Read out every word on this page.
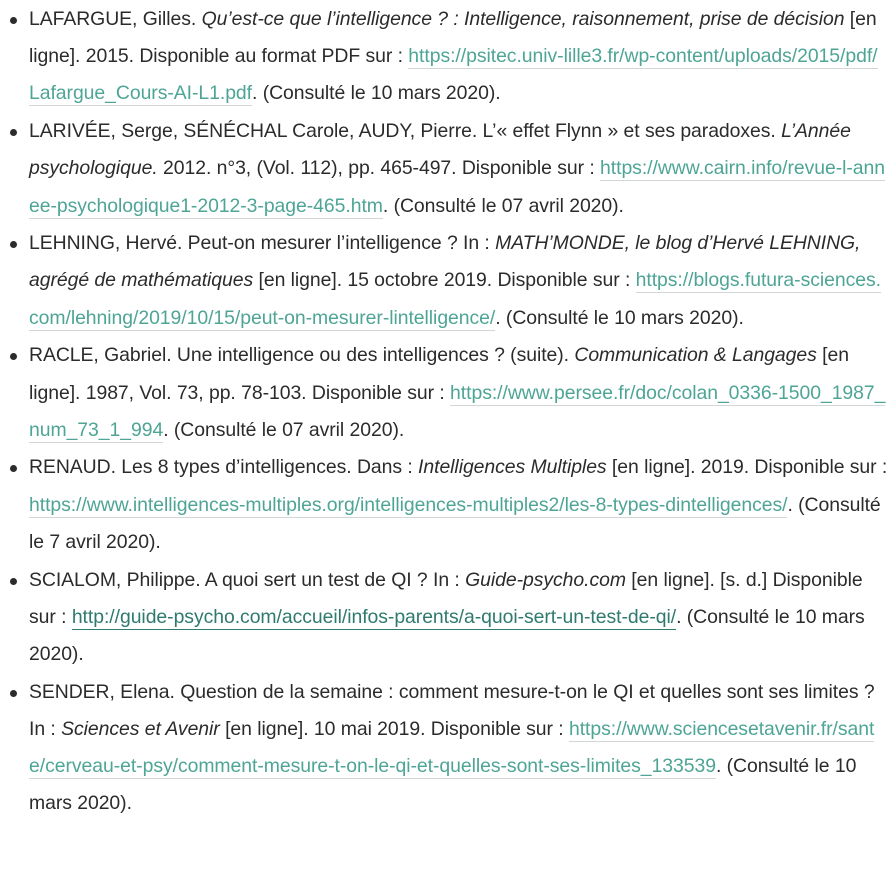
LAFARGUE, Gilles. Qu’est-ce que l’intelligence ? : Intelligence, raisonnement, prise de décision [en ligne]. 2015. Disponible au format PDF sur : https://psitec.univ-lille3.fr/wp-content/uploads/2015/pdf/Lafargue_Cours-AI-L1.pdf. (Consulté le 10 mars 2020).
LARIVÉE, Serge, SÉNÉCHAL Carole, AUDY, Pierre. L’« effet Flynn » et ses paradoxes. L’Année psychologique. 2012. n°3, (Vol. 112), pp. 465-497. Disponible sur : https://www.cairn.info/revue-l-annee-psychologique1-2012-3-page-465.htm. (Consulté le 07 avril 2020).
LEHNING, Hervé. Peut-on mesurer l’intelligence ? In : MATH’MONDE, le blog d’Hervé LEHNING, agrégé de mathématiques [en ligne]. 15 octobre 2019. Disponible sur : https://blogs.futura-sciences.com/lehning/2019/10/15/peut-on-mesurer-lintelligence/. (Consulté le 10 mars 2020).
RACLE, Gabriel. Une intelligence ou des intelligences ? (suite). Communication & Langages [en ligne]. 1987, Vol. 73, pp. 78-103. Disponible sur : https://www.persee.fr/doc/colan_0336-1500_1987_num_73_1_994. (Consulté le 07 avril 2020).
RENAUD. Les 8 types d’intelligences. Dans : Intelligences Multiples [en ligne]. 2019. Disponible sur : https://www.intelligences-multiples.org/intelligences-multiples2/les-8-types-dintelligences/. (Consulté le 7 avril 2020).
SCIALOM, Philippe. A quoi sert un test de QI ? In : Guide-psycho.com [en ligne]. [s. d.] Disponible sur : http://guide-psycho.com/accueil/infos-parents/a-quoi-sert-un-test-de-qi/. (Consulté le 10 mars 2020).
SENDER, Elena. Question de la semaine : comment mesure-t-on le QI et quelles sont ses limites ? In : Sciences et Avenir [en ligne]. 10 mai 2019. Disponible sur : https://www.sciencesetavenir.fr/sante/cerveau-et-psy/comment-mesure-t-on-le-qi-et-quelles-sont-ses-limites_133539. (Consulté le 10 mars 2020).
